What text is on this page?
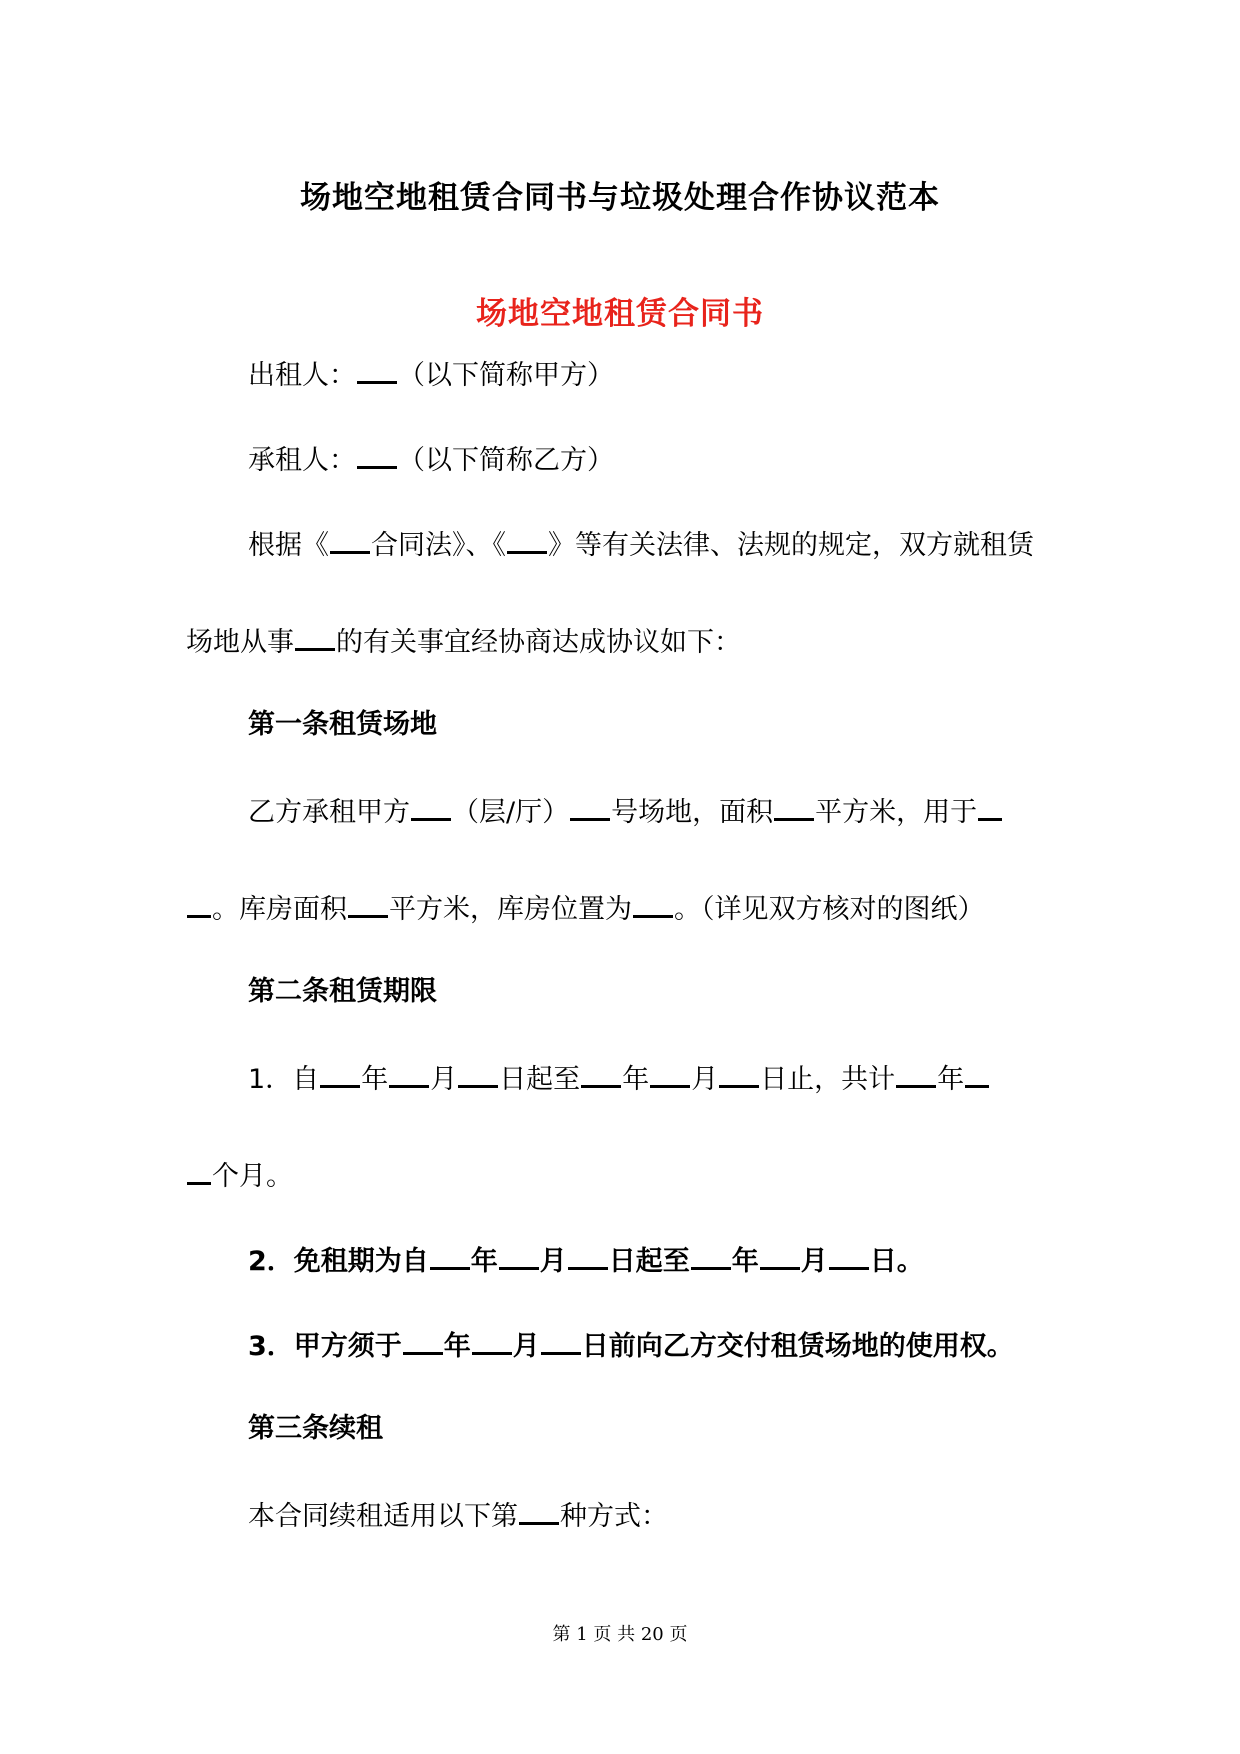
场地空地租赁合同书与垃圾处理合作协议范本
场地空地租赁合同书
出租人： （以下简称甲方）
承租人： （以下简称乙方）
根据《 合同法》、《 》等有关法律、法规的规定，双方就租赁
场地从事 的有关事宜经协商达成协议如下：
第一条租赁场地
乙方承租甲方 （层/厅） 号场地，面积 平方米，用于
。库房面积 平方米，库房位置为 。（详见双方核对的图纸）
第二条租赁期限
1．自 年 月 日起至 年 月 日止，共计 年
个月。
2．免租期为自 年 月 日起至 年 月 日。
3．甲方须于 年 月 日前向乙方交付租赁场地的使用权。
第三条续租
本合同续租适用以下第 种方式：
第 1 页 共 20 页
